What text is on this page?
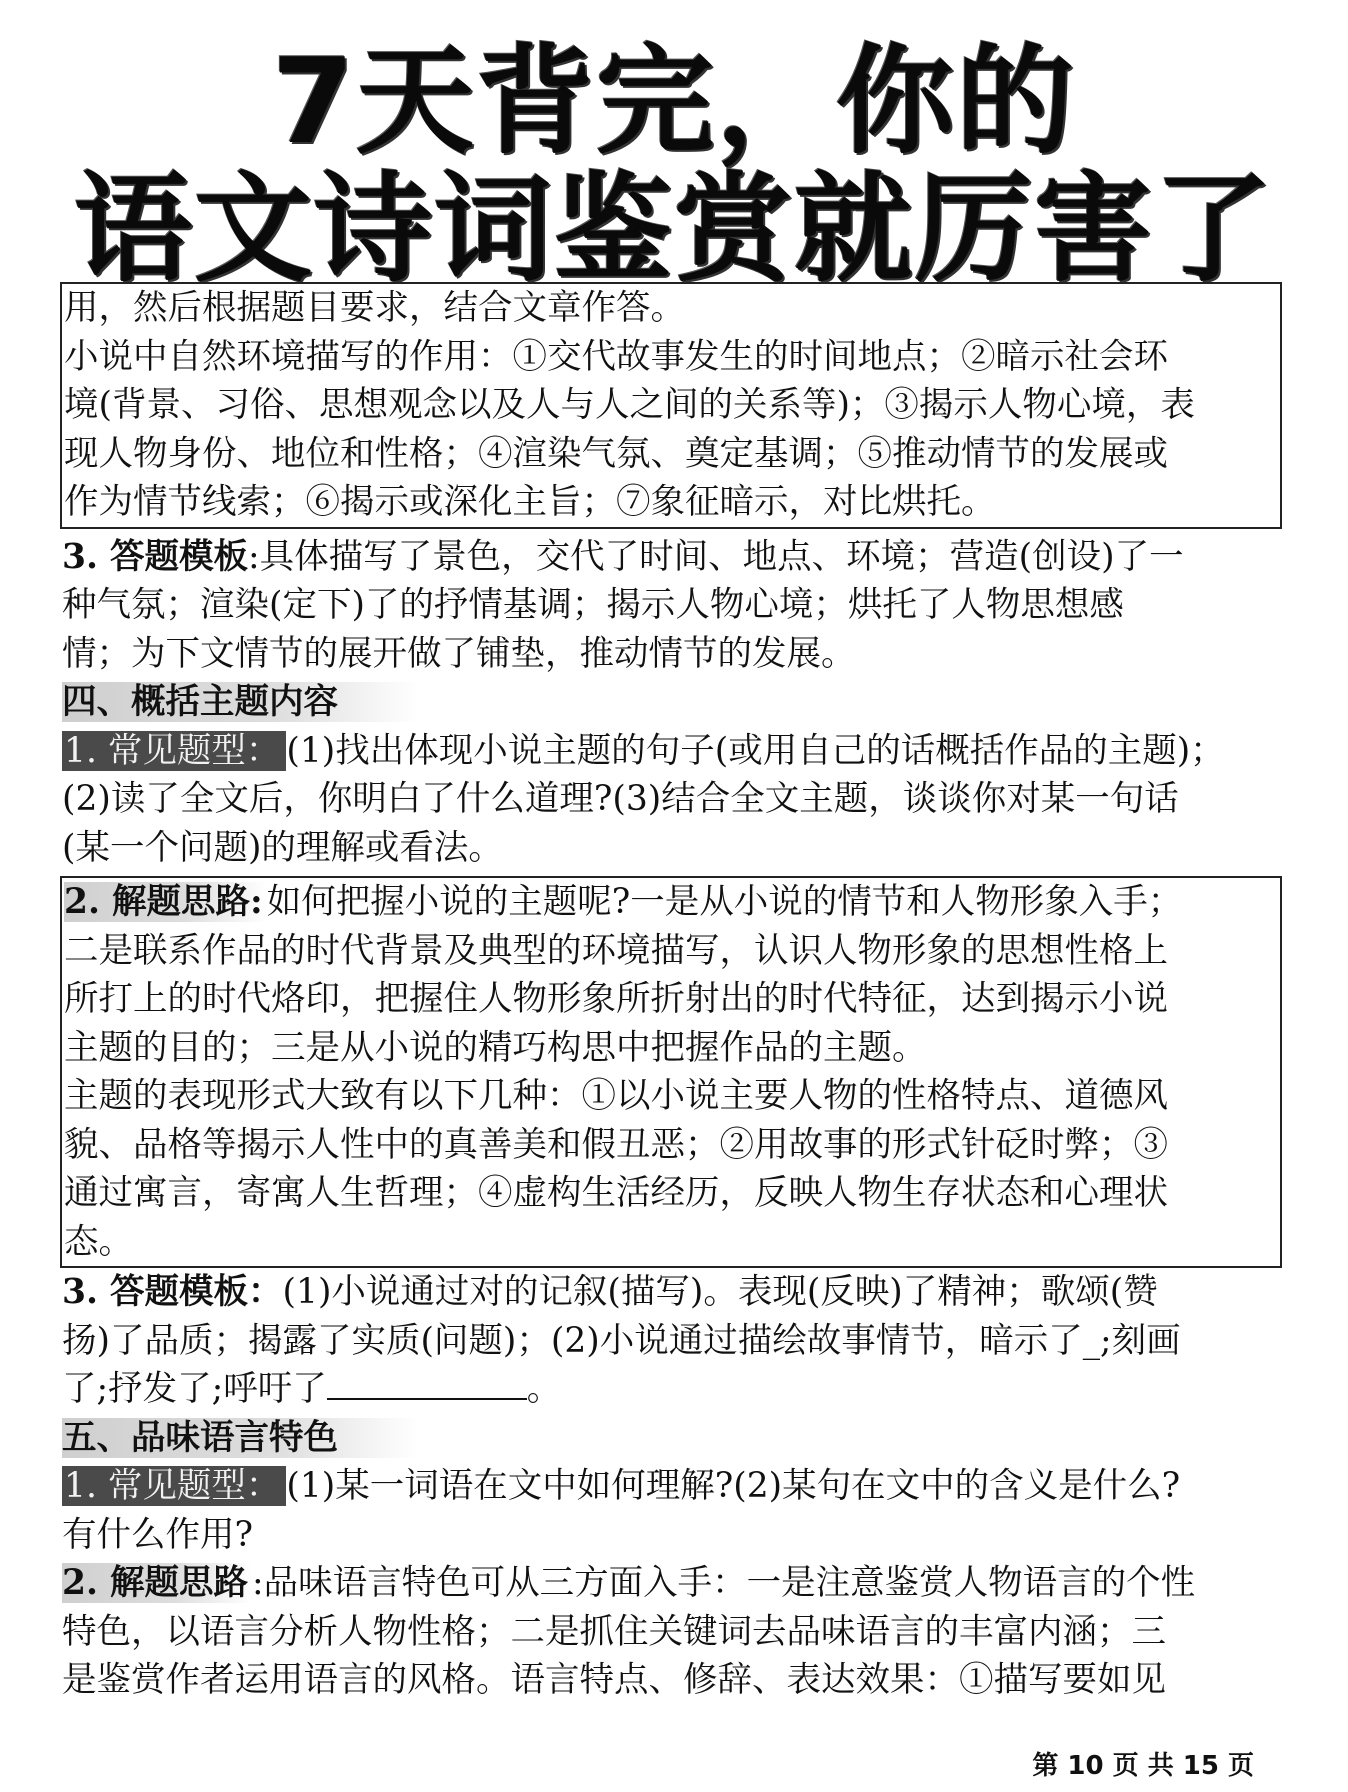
7天背完，你的
语文诗词鉴赏就厉害了
用，然后根据题目要求，结合文章作答。
小说中自然环境描写的作用：①交代故事发生的时间地点；②暗示社会环
境(背景、习俗、思想观念以及人与人之间的关系等)；③揭示人物心境，表
现人物身份、地位和性格；④渲染气氛、奠定基调；⑤推动情节的发展或
作为情节线索；⑥揭示或深化主旨；⑦象征暗示，对比烘托。
3. 答题模板:具体描写了景色，交代了时间、地点、环境；营造(创设)了一
种气氛；渲染(定下)了的抒情基调；揭示人物心境；烘托了人物思想感
情；为下文情节的展开做了铺垫，推动情节的发展。
四、概括主题内容
1. 常见题型： (1)找出体现小说主题的句子(或用自己的话概括作品的主题)；
(2)读了全文后，你明白了什么道理?(3)结合全文主题，谈谈你对某一句话
(某一个问题)的理解或看法。
2. 解题思路: 如何把握小说的主题呢?一是从小说的情节和人物形象入手；
二是联系作品的时代背景及典型的环境描写，认识人物形象的思想性格上
所打上的时代烙印，把握住人物形象所折射出的时代特征，达到揭示小说
主题的目的；三是从小说的精巧构思中把握作品的主题。
主题的表现形式大致有以下几种：①以小说主要人物的性格特点、道德风
貌、品格等揭示人性中的真善美和假丑恶；②用故事的形式针砭时弊；③
通过寓言，寄寓人生哲理；④虚构生活经历，反映人物生存状态和心理状
态。
3. 答题模板：(1)小说通过对的记叙(描写)。表现(反映)了精神；歌颂(赞
扬)了品质；揭露了实质(问题)；(2)小说通过描绘故事情节，暗示了_;刻画
了;抒发了;呼吁了	。
五、品味语言特色
1. 常见题型： (1)某一词语在文中如何理解?(2)某句在文中的含义是什么?
有什么作用?
2. 解题思路 :品味语言特色可从三方面入手：一是注意鉴赏人物语言的个性
特色，以语言分析人物性格；二是抓住关键词去品味语言的丰富内涵；三
是鉴赏作者运用语言的风格。语言特点、修辞、表达效果：①描写要如见
第 10 页 共 15 页
